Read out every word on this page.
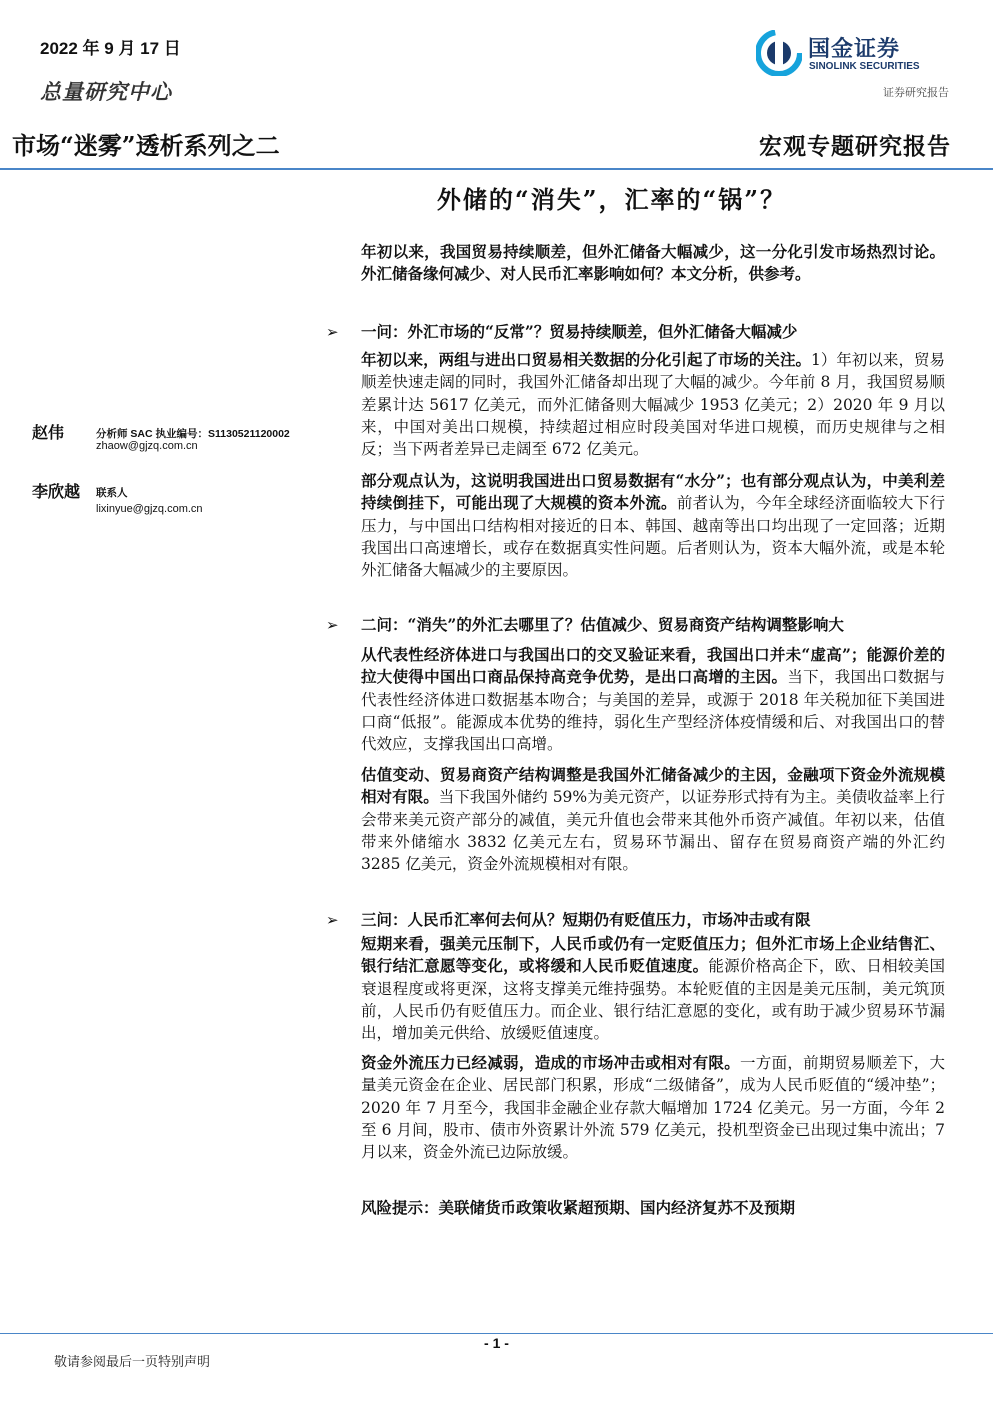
2022 年 9 月 17 日
总量研究中心
市场“迷雾”透析系列之二	宏观专题研究报告
国金证券
SINOLINK SECURITIES
证券研究报告
外储的“消失”，汇率的“锅”？
年初以来，我国贸易持续顺差，但外汇储备大幅减少，这一分化引发市场热烈讨论。外汇储备缘何减少、对人民币汇率影响如何？本文分析，供参考。
➢ 一问：外汇市场的“反常”？贸易持续顺差，但外汇储备大幅减少
年初以来，两组与进出口贸易相关数据的分化引起了市场的关注。1）年初以来，贸易顺差快速走阔的同时，我国外汇储备却出现了大幅的减少。今年前 8 月，我国贸易顺差累计达 5617 亿美元，而外汇储备则大幅减少 1953 亿美元；2）2020 年 9 月以来，中国对美出口规模，持续超过相应时段美国对华进口规模，而历史规律与之相反；当下两者差异已走阔至 672 亿美元。
部分观点认为，这说明我国进出口贸易数据有“水分”；也有部分观点认为，中美利差持续倒挂下，可能出现了大规模的资本外流。前者认为，今年全球经济面临较大下行压力，与中国出口结构相对接近的日本、韩国、越南等出口均出现了一定回落；近期我国出口高速增长，或存在数据真实性问题。后者则认为，资本大幅外流，或是本轮外汇储备大幅减少的主要原因。
➢ 二问：“消失”的外汇去哪里了？估值减少、贸易商资产结构调整影响大
从代表性经济体进口与我国出口的交叉验证来看，我国出口并未“虚高”；能源价差的拉大使得中国出口商品保持高竞争优势，是出口高增的主因。当下，我国出口数据与代表性经济体进口数据基本吻合；与美国的差异，或源于 2018 年关税加征下美国进口商“低报”。能源成本优势的维持，弱化生产型经济体疫情缓和后、对我国出口的替代效应，支撑我国出口高增。
估值变动、贸易商资产结构调整是我国外汇储备减少的主因，金融项下资金外流规模相对有限。当下我国外储约 59%为美元资产，以证券形式持有为主。美债收益率上行会带来美元资产部分的减值，美元升值也会带来其他外币资产减值。年初以来，估值带来外储缩水 3832 亿美元左右，贸易环节漏出、留存在贸易商资产端的外汇约 3285 亿美元，资金外流规模相对有限。
➢ 三问：人民币汇率何去何从？短期仍有贬值压力，市场冲击或有限
短期来看，强美元压制下，人民币或仍有一定贬值压力；但外汇市场上企业结售汇、银行结汇意愿等变化，或将缓和人民币贬值速度。能源价格高企下，欧、日相较美国衰退程度或将更深，这将支撑美元维持强势。本轮贬值的主因是美元压制，美元筑顶前，人民币仍有贬值压力。而企业、银行结汇意愿的变化，或有助于减少贸易环节漏出，增加美元供给、放缓贬值速度。
资金外流压力已经减弱，造成的市场冲击或相对有限。一方面，前期贸易顺差下，大量美元资金在企业、居民部门积累，形成“二级储备”，成为人民币贬值的“缓冲垫”；2020 年 7 月至今，我国非金融企业存款大幅增加 1724 亿美元。另一方面，今年 2 至 6 月间，股市、债市外资累计外流 579 亿美元，投机型资金已出现过集中流出；7 月以来，资金外流已边际放缓。
风险提示：美联储货币政策收紧超预期、国内经济复苏不及预期
赵伟	分析师 SAC 执业编号：S1130521120002
zhaow@gjzq.com.cn
李欣越 联系人
lixinyue@gjzq.com.cn
- 1 -
敬请参阅最后一页特别声明
